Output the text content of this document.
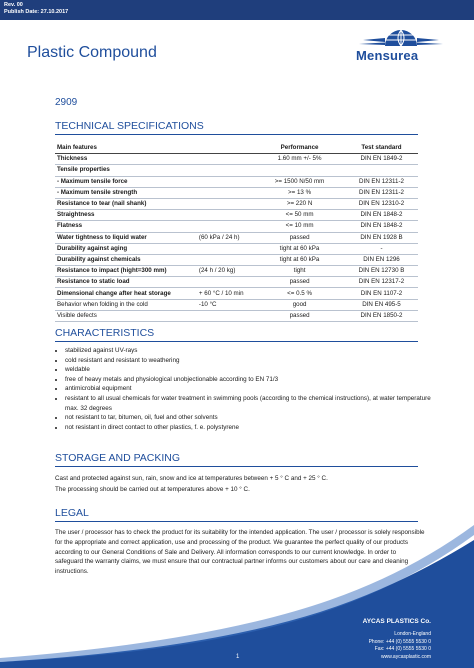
Rev. 00
Publish Date: 27.10.2017
Plastic Compound	Mensurea
2909
TECHNICAL SPECIFICATIONS
Main features		Performance	Test standard
Thickness		1.60 mm +/- 5%	DIN EN 1849-2
Tensile properties			
- Maximum tensile force		>= 1500 N/50 mm	DIN EN 12311-2
- Maximum tensile strength		>= 13 %	DIN EN 12311-2
Resistance to tear (nail shank)		>= 220 N	DIN EN 12310-2
Straightness		<= 50 mm	DIN EN 1848-2
Flatness		<= 10 mm	DIN EN 1848-2
Water tightness to liquid water	(60 kPa / 24 h)	passed	DIN EN 1928 B
Durability against aging		tight at 60 kPa	-
Durability against chemicals		tight at 60 kPa	DIN EN 1296
Resistance to impact (hight=300 mm)	(24 h / 20 kg)	tight	DIN EN 12730 B
Resistance to static load		passed	DIN EN 12317-2
Dimensional change after heat storage	+ 60 °C / 10 min	<= 0.5 %	DIN EN 1107-2
Behavior when folding in the cold	-10 °C	good	DIN EN 495-5
Visible defects		passed	DIN EN 1850-2
CHARACTERISTICS
• stabilized against UV-rays
• cold resistant and resistant to weathering
• weldable
• free of heavy metals and physiological unobjectionable according to EN 71/3
• antimicrobial equipment
• resistant to all usual chemicals for water treatment in swimming pools (according to the chemical instructions), at water temperature max. 32 degrees
• not resistant to tar, bitumen, oil, fuel and other solvents
• not resistant in direct contact to other plastics, f. e. polystyrene
STORAGE AND PACKING

Cast and protected against sun, rain, snow and ice at temperatures between + 5 ° C and + 25 ° C.

The processing should be carried out at temperatures above + 10 ° C.

LEGAL

The user / processor has to check the product for its suitability for the intended application. The user / processor is solely responsible for the appropriate and correct application, use and processing of the product. We guarantee the perfect quality of our products according to our General Conditions of Sale and Delivery. All information corresponds to our current knowledge. In order to safeguard the warranty claims, we must ensure that our contractual partner informs our customers about our care and cleaning instructions.

AYCAS PLASTICS Co.
London-England
Phone: +44 (0) 5555 5530 0
Fax: +44 (0) 5555 5530 0
www.aycasplastic.com
1
